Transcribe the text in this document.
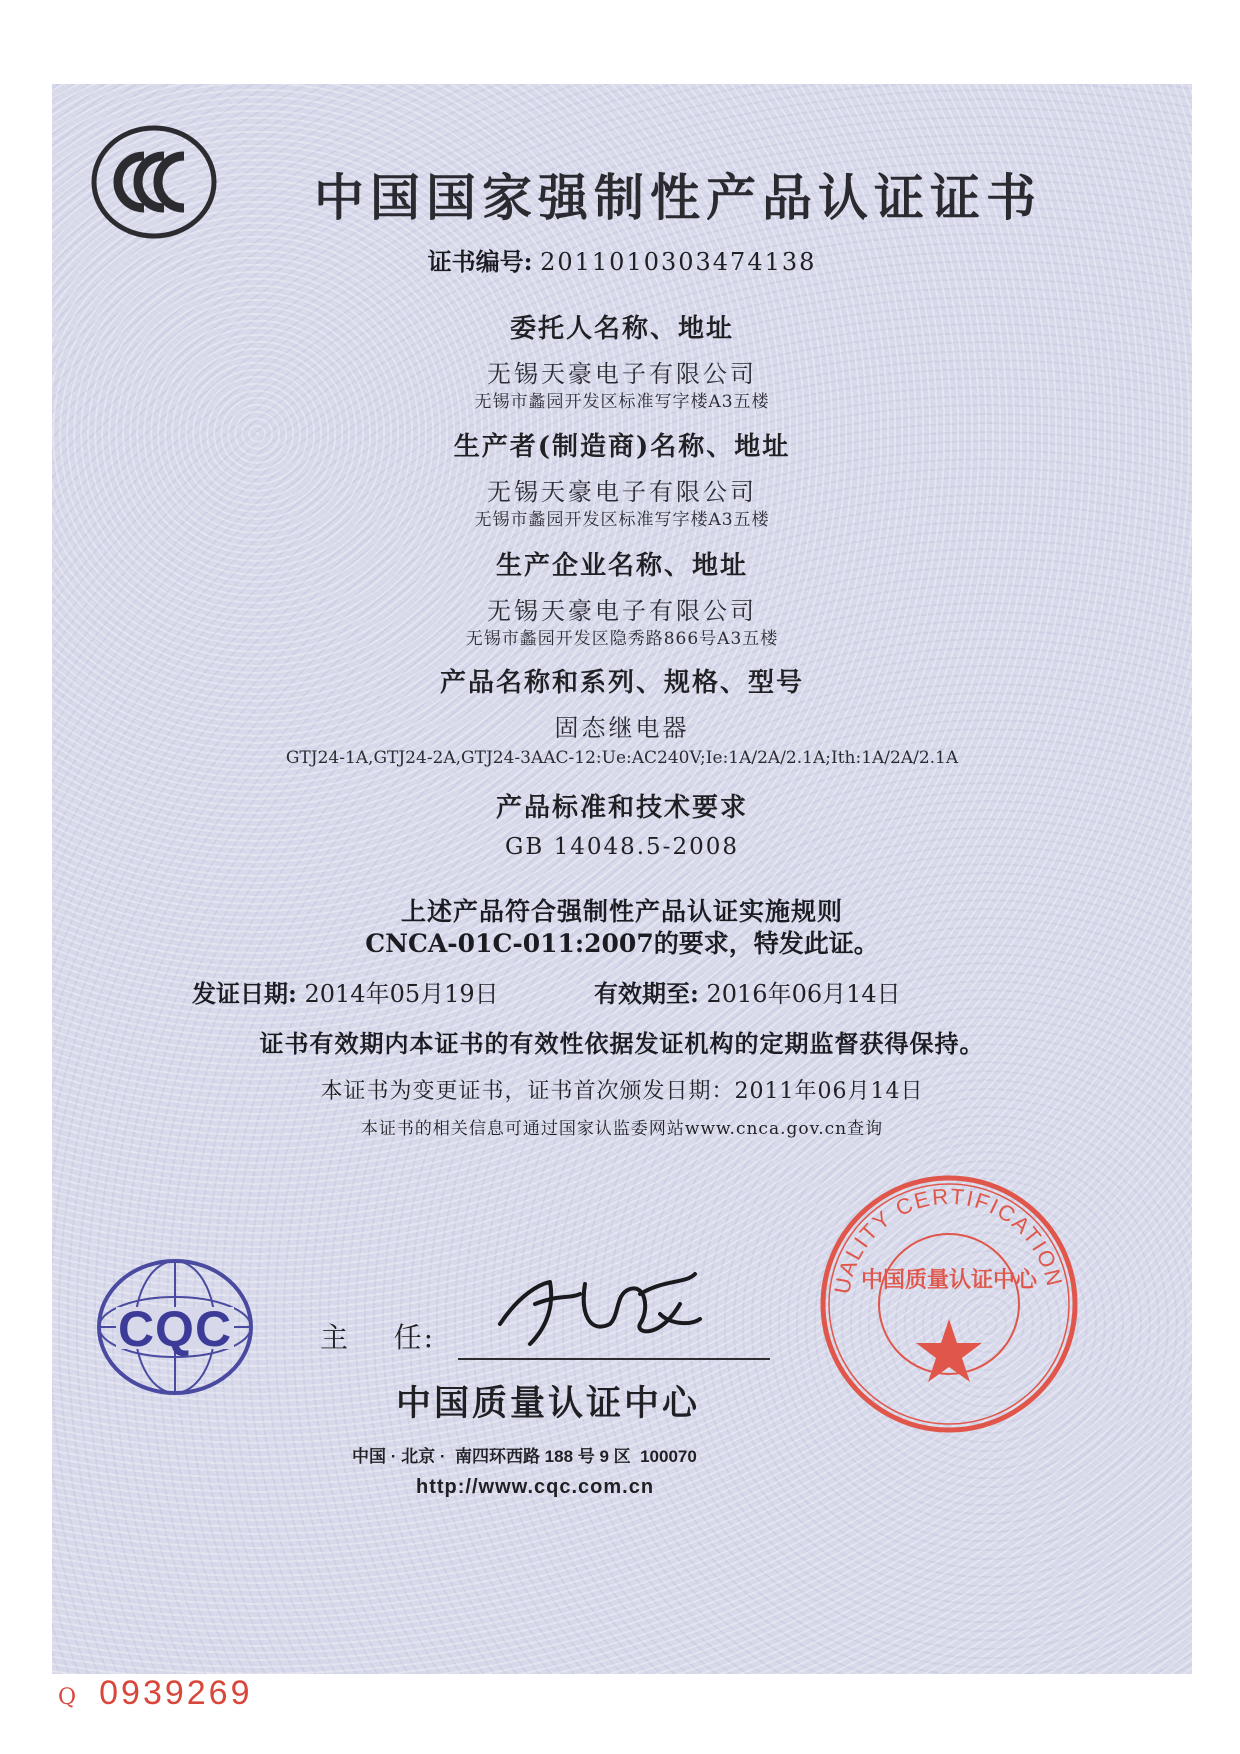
中国国家强制性产品认证证书
证书编号: 2011010303474138
委托人名称、地址
无锡天豪电子有限公司
无锡市蠡园开发区标准写字楼A3五楼
生产者(制造商)名称、地址
无锡天豪电子有限公司
无锡市蠡园开发区标准写字楼A3五楼
生产企业名称、地址
无锡天豪电子有限公司
无锡市蠡园开发区隐秀路866号A3五楼
产品名称和系列、规格、型号
固态继电器
GTJ24-1A,GTJ24-2A,GTJ24-3AAC-12:Ue:AC240V;Ie:1A/2A/2.1A;Ith:1A/2A/2.1A
产品标准和技术要求
GB 14048.5-2008
上述产品符合强制性产品认证实施规则
CNCA-01C-011:2007的要求，特发此证。
发证日期: 2014年05月19日	有效期至: 2016年06月14日
证书有效期内本证书的有效性依据发证机构的定期监督获得保持。
本证书为变更证书，证书首次颁发日期：2011年06月14日
本证书的相关信息可通过国家认监委网站www.cnca.gov.cn查询
CQC	主    任:
中国质量认证中心
中国 · 北京 ·  南四环西路 188 号 9 区  100070
http://www.cqc.com.cn
UALITY CERTIFICATION
中国质量认证中心
Q 0939269
